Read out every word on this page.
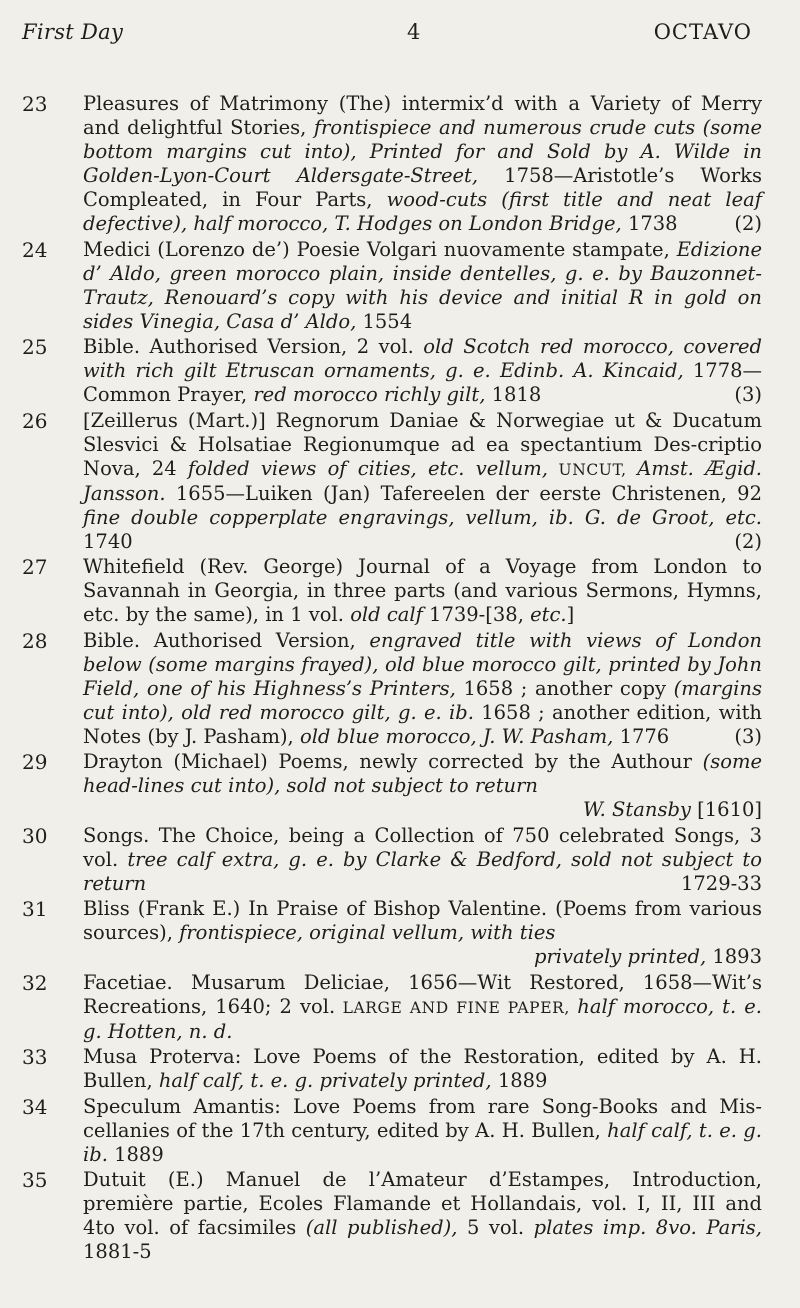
First Day	4	OCTAVO
23	Pleasures of Matrimony (The) intermix’d with a Variety of Merry and delightful Stories, frontispiece and numerous crude cuts (some bottom margins cut into), Printed for and Sold by A. Wilde in Golden-Lyon-Court Aldersgate-Street, 1758—Aristotle’s Works Compleated, in Four Parts, wood-cuts (first title and neat leaf defective), half morocco, T. Hodges on London Bridge, 1738	(2)
24	Medici (Lorenzo de’) Poesie Volgari nuovamente stampate, Edizione d’ Aldo, green morocco plain, inside dentelles, g. e. by Bauzonnet-Trautz, Renouard’s copy with his device and initial R in gold on sides Vinegia, Casa d’ Aldo, 1554
25	Bible. Authorised Version, 2 vol. old Scotch red morocco, covered with rich gilt Etruscan ornaments, g. e. Edinb. A. Kincaid, 1778—Common Prayer, red morocco richly gilt, 1818	(3)
26	[Zeillerus (Mart.)] Regnorum Daniae & Norwegiae ut & Ducatum Slesvici & Holsatiae Regionumque ad ea spectantium Des-criptio Nova, 24 folded views of cities, etc. vellum, UNCUT, Amst. Ægid. Jansson. 1655—Luiken (Jan) Tafereelen der eerste Christenen, 92 fine double copperplate engravings, vellum, ib. G. de Groot, etc. 1740	(2)
27	Whitefield (Rev. George) Journal of a Voyage from London to Savannah in Georgia, in three parts (and various Sermons, Hymns, etc. by the same), in 1 vol. old calf 1739-[38, etc.]
28	Bible. Authorised Version, engraved title with views of London below (some margins frayed), old blue morocco gilt, printed by John Field, one of his Highness’s Printers, 1658 ; another copy (margins cut into), old red morocco gilt, g. e. ib. 1658 ; another edition, with Notes (by J. Pasham), old blue morocco, J. W. Pasham, 1776	(3)
29	Drayton (Michael) Poems, newly corrected by the Authour (some head-lines cut into), sold not subject to return
W. Stansby [1610]
30	Songs. The Choice, being a Collection of 750 celebrated Songs, 3 vol. tree calf extra, g. e. by Clarke & Bedford, sold not subject to return	1729-33
31	Bliss (Frank E.) In Praise of Bishop Valentine. (Poems from various sources), frontispiece, original vellum, with ties
privately printed, 1893
32	Facetiae. Musarum Deliciae, 1656—Wit Restored, 1658—Wit’s Recreations, 1640; 2 vol. LARGE AND FINE PAPER, half morocco, t. e. g. Hotten, n. d.
33	Musa Proterva: Love Poems of the Restoration, edited by A. H. Bullen, half calf, t. e. g. privately printed, 1889
34	Speculum Amantis: Love Poems from rare Song-Books and Mis-cellanies of the 17th century, edited by A. H. Bullen, half calf, t. e. g. ib. 1889
35	Dutuit (E.) Manuel de l’Amateur d’Estampes, Introduction, première partie, Ecoles Flamande et Hollandais, vol. I, II, III and 4to vol. of facsimiles (all published), 5 vol. plates imp. 8vo. Paris, 1881-5
